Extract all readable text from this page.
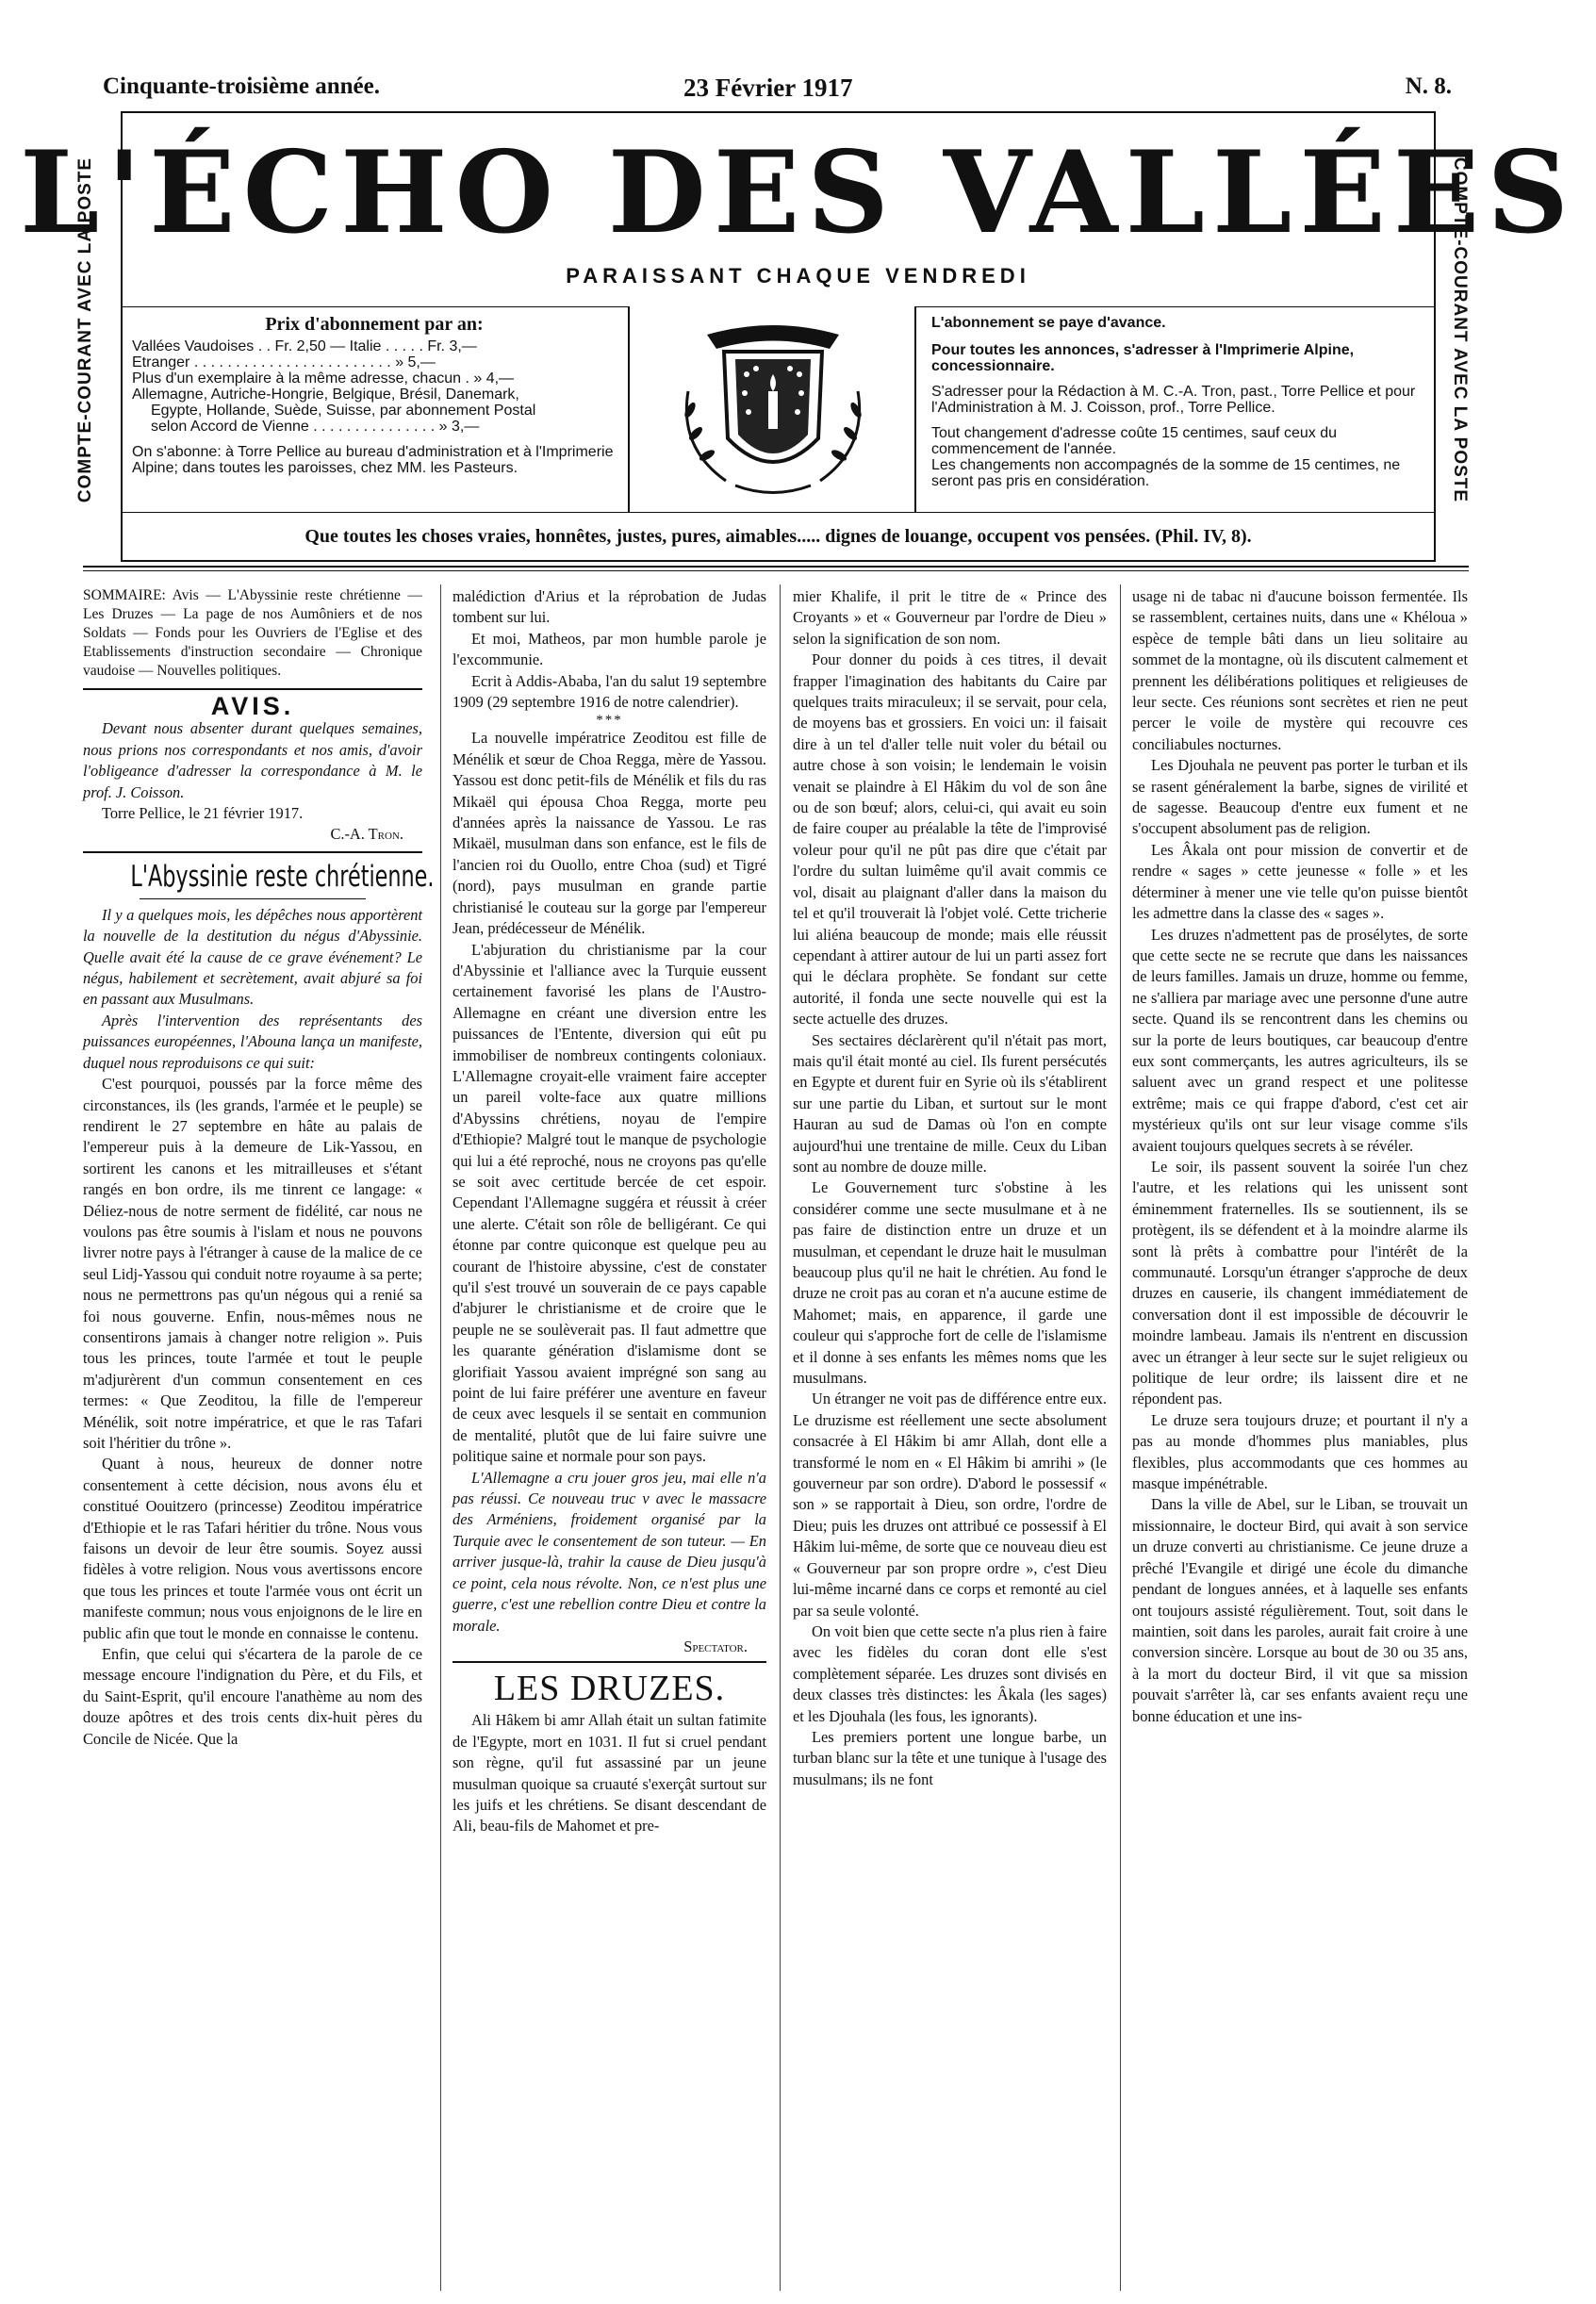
Cinquante-troisième année.	23 Février 1917	N. 8.
COMPTE-COURANT AVEC LA POSTE	COMPTE-COURANT AVEC LA POSTE
L'ÉCHO DES VALLÉES
PARAISSANT CHAQUE VENDREDI
Prix d'abonnement par an:
Vallées Vaudoises . . Fr. 2,50 — Italie . . . . . Fr. 3,—
Etranger . . . . . . . . . . . . . . . . . . . . . . . . » 5,—
Plus d'un exemplaire à la même adresse, chacun . » 4,—
Allemagne, Autriche-Hongrie, Belgique, Brésil, Danemark,
Egypte, Hollande, Suède, Suisse, par abonnement Postal
selon Accord de Vienne . . . . . . . . . . . . . . . » 3,—
On s'abonne: à Torre Pellice au bureau d'administration et à l'Imprimerie Alpine; dans toutes les paroisses, chez MM. les Pasteurs.
L'abonnement se paye d'avance.
Pour toutes les annonces, s'adresser à l'Imprimerie Alpine, concessionnaire.
S'adresser pour la Rédaction à M. C.-A. Tron, past., Torre Pellice et pour l'Administration à M. J. Coisson, prof., Torre Pellice.
Tout changement d'adresse coûte 15 centimes, sauf ceux du commencement de l'année.
Les changements non accompagnés de la somme de 15 centimes, ne seront pas pris en considération.
Que toutes les choses vraies, honnêtes, justes, pures, aimables..... dignes de louange, occupent vos pensées. (Phil. IV, 8).

SOMMAIRE: Avis — L'Abyssinie reste chrétienne — Les Druzes — La page de nos Aumôniers et de nos Soldats — Fonds pour les Ouvriers de l'Eglise et des Etablissements d'instruction secondaire — Chronique vaudoise — Nouvelles politiques.

AVIS.

Devant nous absenter durant quelques semaines, nous prions nos correspondants et nos amis, d'avoir l'obligeance d'adresser la correspondance à M. le prof. J. Coisson.

Torre Pellice, le 21 février 1917.

C.-A. Tron.

L'Abyssinie reste chrétienne.

Il y a quelques mois, les dépêches nous apportèrent la nouvelle de la destitution du négus d'Abyssinie. Quelle avait été la cause de ce grave événement? Le négus, habilement et secrètement, avait abjuré sa foi en passant aux Musulmans.

Après l'intervention des représentants des puissances européennes, l'Abouna lança un manifeste, duquel nous reproduisons ce qui suit:

C'est pourquoi, poussés par la force même des circonstances, ils (les grands, l'armée et le peuple) se rendirent le 27 septembre en hâte au palais de l'empereur puis à la demeure de Lik-Yassou, en sortirent les canons et les mitrailleuses et s'étant rangés en bon ordre, ils me tinrent ce langage: « Déliez-nous de notre serment de fidélité, car nous ne voulons pas être soumis à l'islam et nous ne pouvons livrer notre pays à l'étranger à cause de la malice de ce seul Lidj-Yassou qui conduit notre royaume à sa perte; nous ne permettrons pas qu'un négous qui a renié sa foi nous gouverne. Enfin, nous-mêmes nous ne consentirons jamais à changer notre religion ». Puis tous les princes, toute l'armée et tout le peuple m'adjurèrent d'un commun consentement en ces termes: « Que Zeoditou, la fille de l'empereur Ménélik, soit notre impératrice, et que le ras Tafari soit l'héritier du trône ».

Quant à nous, heureux de donner notre consentement à cette décision, nous avons élu et constitué Oouitzero (princesse) Zeoditou impératrice d'Ethiopie et le ras Tafari héritier du trône. Nous vous faisons un devoir de leur être soumis. Soyez aussi fidèles à votre religion. Nous vous avertissons encore que tous les princes et toute l'armée vous ont écrit un manifeste commun; nous vous enjoignons de le lire en public afin que tout le monde en connaisse le contenu.

Enfin, que celui qui s'écartera de la parole de ce message encoure l'indignation du Père, et du Fils, et du Saint-Esprit, qu'il encoure l'anathème au nom des douze apôtres et des trois cents dix-huit pères du Concile de Nicée. Que la

malédiction d'Arius et la réprobation de Judas tombent sur lui.

Et moi, Matheos, par mon humble parole je l'excommunie.

Ecrit à Addis-Ababa, l'an du salut 19 septembre 1909 (29 septembre 1916 de notre calendrier).

***

La nouvelle impératrice Zeoditou est fille de Ménélik et sœur de Choa Regga, mère de Yassou. Yassou est donc petit-fils de Ménélik et fils du ras Mikaël qui épousa Choa Regga, morte peu d'années après la naissance de Yassou. Le ras Mikaël, musulman dans son enfance, est le fils de l'ancien roi du Ouollo, entre Choa (sud) et Tigré (nord), pays musulman en grande partie christianisé le couteau sur la gorge par l'empereur Jean, prédécesseur de Ménélik.

L'abjuration du christianisme par la cour d'Abyssinie et l'alliance avec la Turquie eussent certainement favorisé les plans de l'Austro-Allemagne en créant une diversion entre les puissances de l'Entente, diversion qui eût pu immobiliser de nombreux contingents coloniaux. L'Allemagne croyait-elle vraiment faire accepter un pareil volte-face aux quatre millions d'Abyssins chrétiens, noyau de l'empire d'Ethiopie? Malgré tout le manque de psychologie qui lui a été reproché, nous ne croyons pas qu'elle se soit avec certitude bercée de cet espoir. Cependant l'Allemagne suggéra et réussit à créer une alerte. C'était son rôle de belligérant. Ce qui étonne par contre quiconque est quelque peu au courant de l'histoire abyssine, c'est de constater qu'il s'est trouvé un souverain de ce pays capable d'abjurer le christianisme et de croire que le peuple ne se soulèverait pas. Il faut admettre que les quarante génération d'islamisme dont se glorifiait Yassou avaient imprégné son sang au point de lui faire préférer une aventure en faveur de ceux avec lesquels il se sentait en communion de mentalité, plutôt que de lui faire suivre une politique saine et normale pour son pays.

L'Allemagne a cru jouer gros jeu, mai elle n'a pas réussi. Ce nouveau truc v avec le massacre des Arméniens, froidement organisé par la Turquie avec le consentement de son tuteur. — En arriver jusque-là, trahir la cause de Dieu jusqu'à ce point, cela nous révolte. Non, ce n'est plus une guerre, c'est une rebellion contre Dieu et contre la morale.

Spectator.

LES DRUZES.

Ali Hâkem bi amr Allah était un sultan fatimite de l'Egypte, mort en 1031. Il fut si cruel pendant son règne, qu'il fut assassiné par un jeune musulman quoique sa cruauté s'exerçât surtout sur les juifs et les chrétiens. Se disant descendant de Ali, beau-fils de Mahomet et pre-

mier Khalife, il prit le titre de « Prince des Croyants » et « Gouverneur par l'ordre de Dieu » selon la signification de son nom.

Pour donner du poids à ces titres, il devait frapper l'imagination des habitants du Caire par quelques traits miraculeux; il se servait, pour cela, de moyens bas et grossiers. En voici un: il faisait dire à un tel d'aller telle nuit voler du bétail ou autre chose à son voisin; le lendemain le voisin venait se plaindre à El Hâkim du vol de son âne ou de son bœuf; alors, celui-ci, qui avait eu soin de faire couper au préalable la tête de l'improvisé voleur pour qu'il ne pût pas dire que c'était par l'ordre du sultan luimême qu'il avait commis ce vol, disait au plaignant d'aller dans la maison du tel et qu'il trouverait là l'objet volé. Cette tricherie lui aliéna beaucoup de monde; mais elle réussit cependant à attirer autour de lui un parti assez fort qui le déclara prophète. Se fondant sur cette autorité, il fonda une secte nouvelle qui est la secte actuelle des druzes.

Ses sectaires déclarèrent qu'il n'était pas mort, mais qu'il était monté au ciel. Ils furent persécutés en Egypte et durent fuir en Syrie où ils s'établirent sur une partie du Liban, et surtout sur le mont Hauran au sud de Damas où l'on en compte aujourd'hui une trentaine de mille. Ceux du Liban sont au nombre de douze mille.

Le Gouvernement turc s'obstine à les considérer comme une secte musulmane et à ne pas faire de distinction entre un druze et un musulman, et cependant le druze hait le musulman beaucoup plus qu'il ne hait le chrétien. Au fond le druze ne croit pas au coran et n'a aucune estime de Mahomet; mais, en apparence, il garde une couleur qui s'approche fort de celle de l'islamisme et il donne à ses enfants les mêmes noms que les musulmans.

Un étranger ne voit pas de différence entre eux. Le druzisme est réellement une secte absolument consacrée à El Hâkim bi amr Allah, dont elle a transformé le nom en « El Hâkim bi amrihi » (le gouverneur par son ordre). D'abord le possessif « son » se rapportait à Dieu, son ordre, l'ordre de Dieu; puis les druzes ont attribué ce possessif à El Hâkim lui-même, de sorte que ce nouveau dieu est « Gouverneur par son propre ordre », c'est Dieu lui-même incarné dans ce corps et remonté au ciel par sa seule volonté.

On voit bien que cette secte n'a plus rien à faire avec les fidèles du coran dont elle s'est complètement séparée. Les druzes sont divisés en deux classes très distinctes: les Âkala (les sages) et les Djouhala (les fous, les ignorants).

Les premiers portent une longue barbe, un turban blanc sur la tête et une tunique à l'usage des musulmans; ils ne font

usage ni de tabac ni d'aucune boisson fermentée. Ils se rassemblent, certaines nuits, dans une « Khéloua » espèce de temple bâti dans un lieu solitaire au sommet de la montagne, où ils discutent calmement et prennent les délibérations politiques et religieuses de leur secte. Ces réunions sont secrètes et rien ne peut percer le voile de mystère qui recouvre ces conciliabules nocturnes.

Les Djouhala ne peuvent pas porter le turban et ils se rasent généralement la barbe, signes de virilité et de sagesse. Beaucoup d'entre eux fument et ne s'occupent absolument pas de religion.

Les Âkala ont pour mission de convertir et de rendre « sages » cette jeunesse « folle » et les déterminer à mener une vie telle qu'on puisse bientôt les admettre dans la classe des « sages ».

Les druzes n'admettent pas de prosélytes, de sorte que cette secte ne se recrute que dans les naissances de leurs familles. Jamais un druze, homme ou femme, ne s'alliera par mariage avec une personne d'une autre secte. Quand ils se rencontrent dans les chemins ou sur la porte de leurs boutiques, car beaucoup d'entre eux sont commerçants, les autres agriculteurs, ils se saluent avec un grand respect et une politesse extrême; mais ce qui frappe d'abord, c'est cet air mystérieux qu'ils ont sur leur visage comme s'ils avaient toujours quelques secrets à se révéler.

Le soir, ils passent souvent la soirée l'un chez l'autre, et les relations qui les unissent sont éminemment fraternelles. Ils se soutiennent, ils se protègent, ils se défendent et à la moindre alarme ils sont là prêts à combattre pour l'intérêt de la communauté. Lorsqu'un étranger s'approche de deux druzes en causerie, ils changent immédiatement de conversation dont il est impossible de découvrir le moindre lambeau. Jamais ils n'entrent en discussion avec un étranger à leur secte sur le sujet religieux ou politique de leur ordre; ils laissent dire et ne répondent pas.

Le druze sera toujours druze; et pourtant il n'y a pas au monde d'hommes plus maniables, plus flexibles, plus accommodants que ces hommes au masque impénétrable.

Dans la ville de Abel, sur le Liban, se trouvait un missionnaire, le docteur Bird, qui avait à son service un druze converti au christianisme. Ce jeune druze a prêché l'Evangile et dirigé une école du dimanche pendant de longues années, et à laquelle ses enfants ont toujours assisté régulièrement. Tout, soit dans le maintien, soit dans les paroles, aurait fait croire à une conversion sincère. Lorsque au bout de 30 ou 35 ans, à la mort du docteur Bird, il vit que sa mission pouvait s'arrêter là, car ses enfants avaient reçu une bonne éducation et une ins-
